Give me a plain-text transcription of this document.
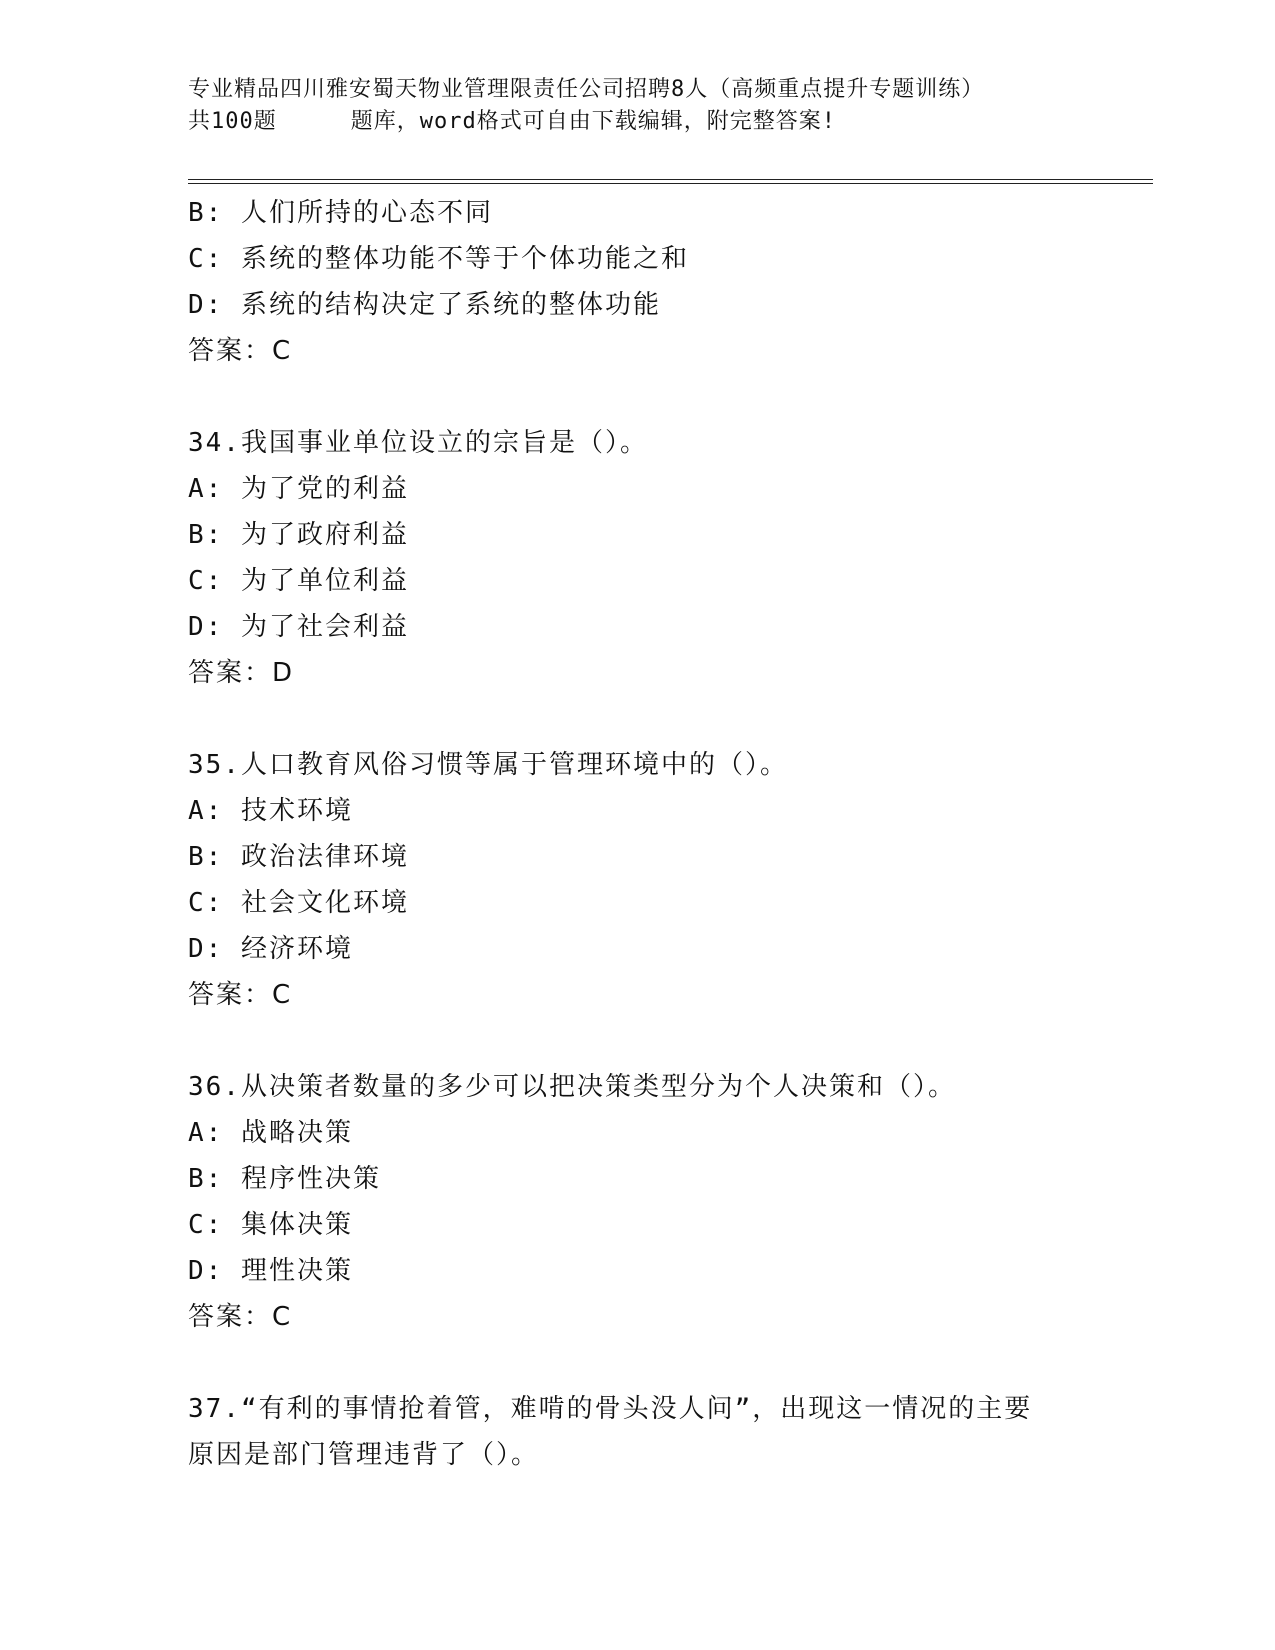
专业精品四川雅安蜀天物业管理限责任公司招聘8人（高频重点提升专题训练）
共100题	题库，word格式可自由下载编辑，附完整答案!
B: 人们所持的心态不同
C: 系统的整体功能不等于个体功能之和
D: 系统的结构决定了系统的整体功能
答案：C
34.我国事业单位设立的宗旨是（）。
A: 为了党的利益
B: 为了政府利益
C: 为了单位利益
D: 为了社会利益
答案：D
35.人口教育风俗习惯等属于管理环境中的（）。
A: 技术环境
B: 政治法律环境
C: 社会文化环境
D: 经济环境
答案：C
36.从决策者数量的多少可以把决策类型分为个人决策和（）。
A: 战略决策
B: 程序性决策
C: 集体决策
D: 理性决策
答案：C
37.“有利的事情抢着管，难啃的骨头没人问”，出现这一情况的主要
原因是部门管理违背了（）。
